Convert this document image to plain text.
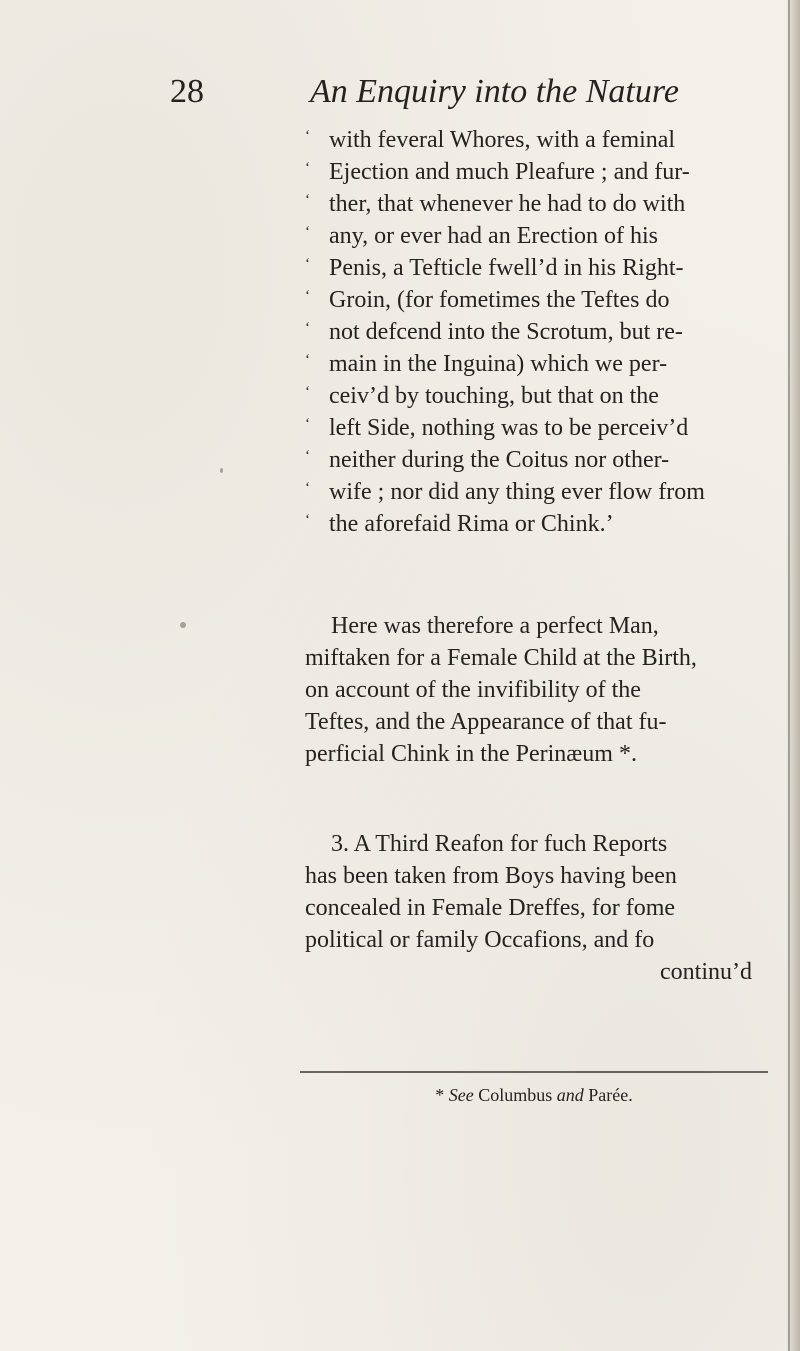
28	An Enquiry into the Nature
‘ with feveral Whores, with a feminal
‘ Ejection and much Pleafure ; and fur-
‘ ther, that whenever he had to do with
‘ any, or ever had an Erection of his
‘ Penis, a Tefticle fwell’d in his Right-
‘ Groin, (for fometimes the Teftes do
‘ not defcend into the Scrotum, but re-
‘ main in the Inguina) which we per-
‘ ceiv’d by touching, but that on the
‘ left Side, nothing was to be perceiv’d
‘ neither during the Coitus nor other-
‘ wife ; nor did any thing ever flow from
‘ the aforefaid Rima or Chink.’
Here was therefore a perfect Man,
miftaken for a Female Child at the Birth,
on account of the invifibility of the
Teftes, and the Appearance of that fu-
perficial Chink in the Perinæum *.
3. A Third Reafon for fuch Reports
has been taken from Boys having been
concealed in Female Dreffes, for fome
political or family Occafions, and fo
continu’d
* See Columbus and Parée.
